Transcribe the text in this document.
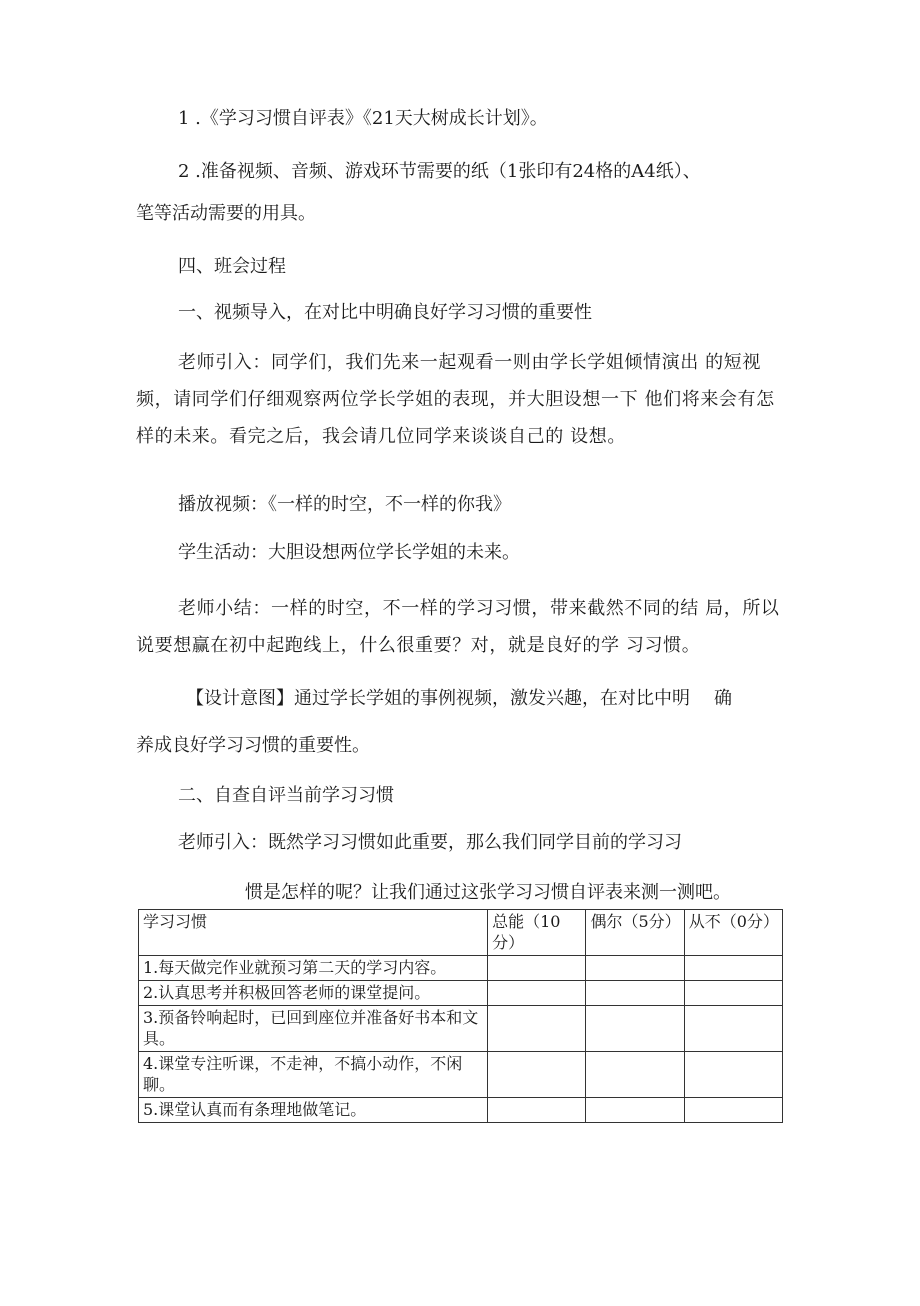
1 .《学习习惯自评表》《21天大树成长计划》。

2 .准备视频、音频、游戏环节需要的纸（1张印有24格的A4纸）、

笔等活动需要的用具。

四、班会过程

一、视频导入，在对比中明确良好学习习惯的重要性

老师引入：同学们，我们先来一起观看一则由学长学姐倾情演出 的短视频，请同学们仔细观察两位学长学姐的表现，并大胆设想一下 他们将来会有怎样的未来。看完之后，我会请几位同学来谈谈自己的 设想。

播放视频：《一样的时空，不一样的你我》

学生活动：大胆设想两位学长学姐的未来。

老师小结：一样的时空，不一样的学习习惯，带来截然不同的结 局，所以说要想赢在初中起跑线上，什么很重要？对，就是良好的学 习习惯。

【设计意图】通过学长学姐的事例视频，激发兴趣，在对比中明 确

养成良好学习习惯的重要性。

二、自查自评当前学习习惯

老师引入：既然学习习惯如此重要，那么我们同学目前的学习习

惯是怎样的呢？让我们通过这张学习习惯自评表来测一测吧。

学习习惯	总能（10分）	偶尔（5分）	从不（0分）
1.每天做完作业就预习第二天的学习内容。			
2.认真思考并积极回答老师的课堂提问。			
3.预备铃响起时，已回到座位并准备好书本和文具。			
4.课堂专注听课，不走神，不搞小动作，不闲聊。			
5.课堂认真而有条理地做笔记。			
